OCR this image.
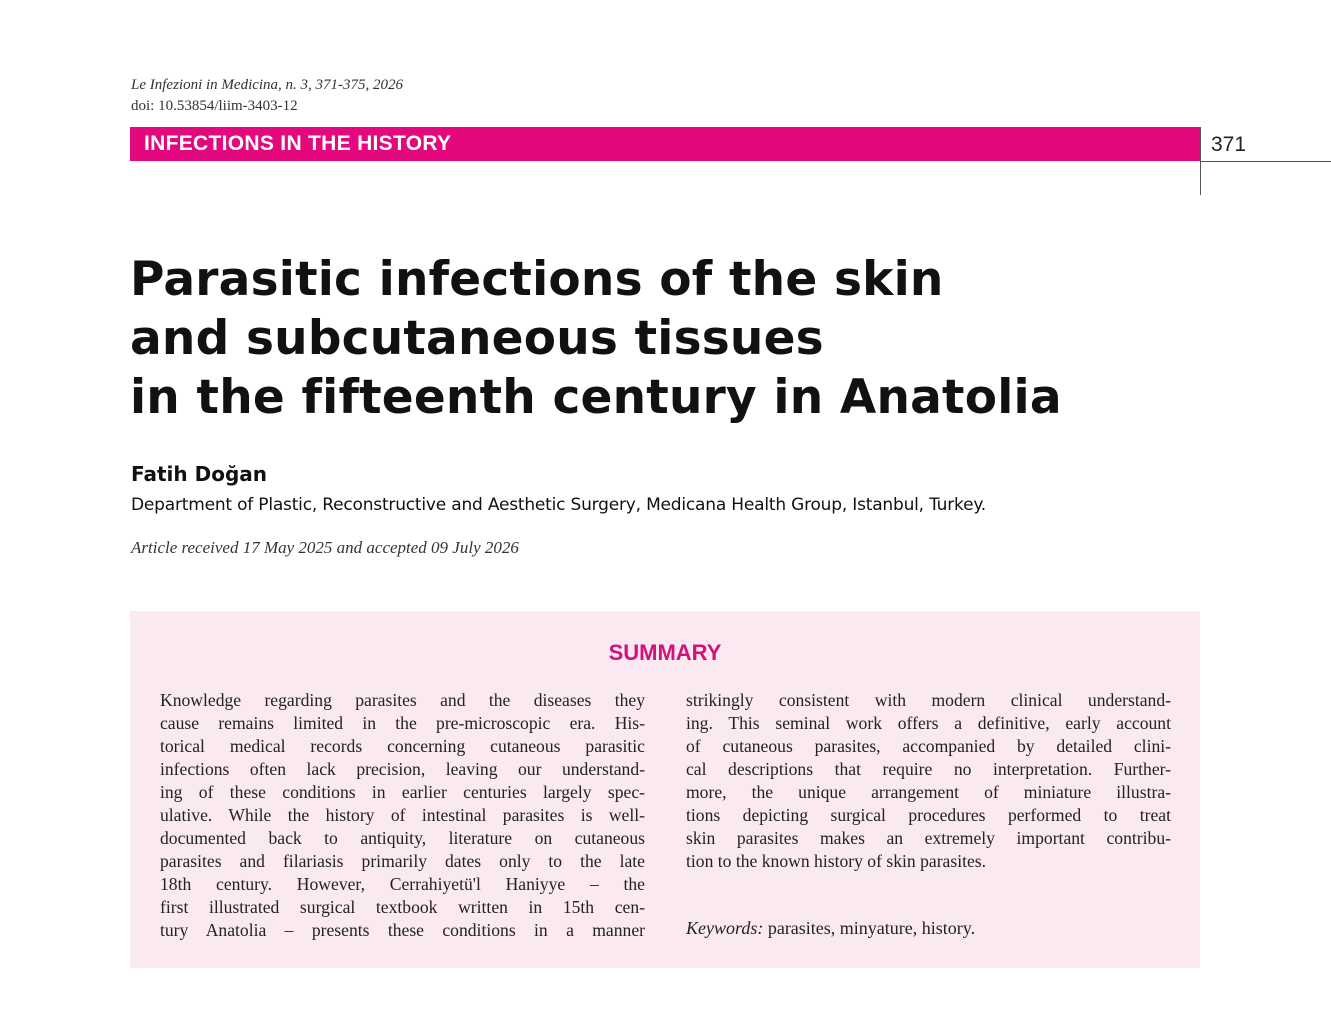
Le Infezioni in Medicina, n. 3, 371-375, 2026
doi: 10.53854/liim-3403-12
INFECTIONS IN THE HISTORY	371
Parasitic infections of the skin
and subcutaneous tissues
in the fifteenth century in Anatolia
Fatih Doğan
Department of Plastic, Reconstructive and Aesthetic Surgery, Medicana Health Group, Istanbul, Turkey.
Article received 17 May 2025 and accepted 09 July 2026
SUMMARY
Knowledge regarding parasites and the diseases they
cause remains limited in the pre-microscopic era. His-
torical medical records concerning cutaneous parasitic
infections often lack precision, leaving our understand-
ing of these conditions in earlier centuries largely spec-
ulative. While the history of intestinal parasites is well-
documented back to antiquity, literature on cutaneous
parasites and filariasis primarily dates only to the late
18th century. However, Cerrahiyetü'l Haniyye – the
first illustrated surgical textbook written in 15th cen-
tury Anatolia – presents these conditions in a manner
strikingly consistent with modern clinical understand-
ing. This seminal work offers a definitive, early account
of cutaneous parasites, accompanied by detailed clini-
cal descriptions that require no interpretation. Further-
more, the unique arrangement of miniature illustra-
tions depicting surgical procedures performed to treat
skin parasites makes an extremely important contribu-
tion to the known history of skin parasites.
Keywords: parasites, minyature, history.
